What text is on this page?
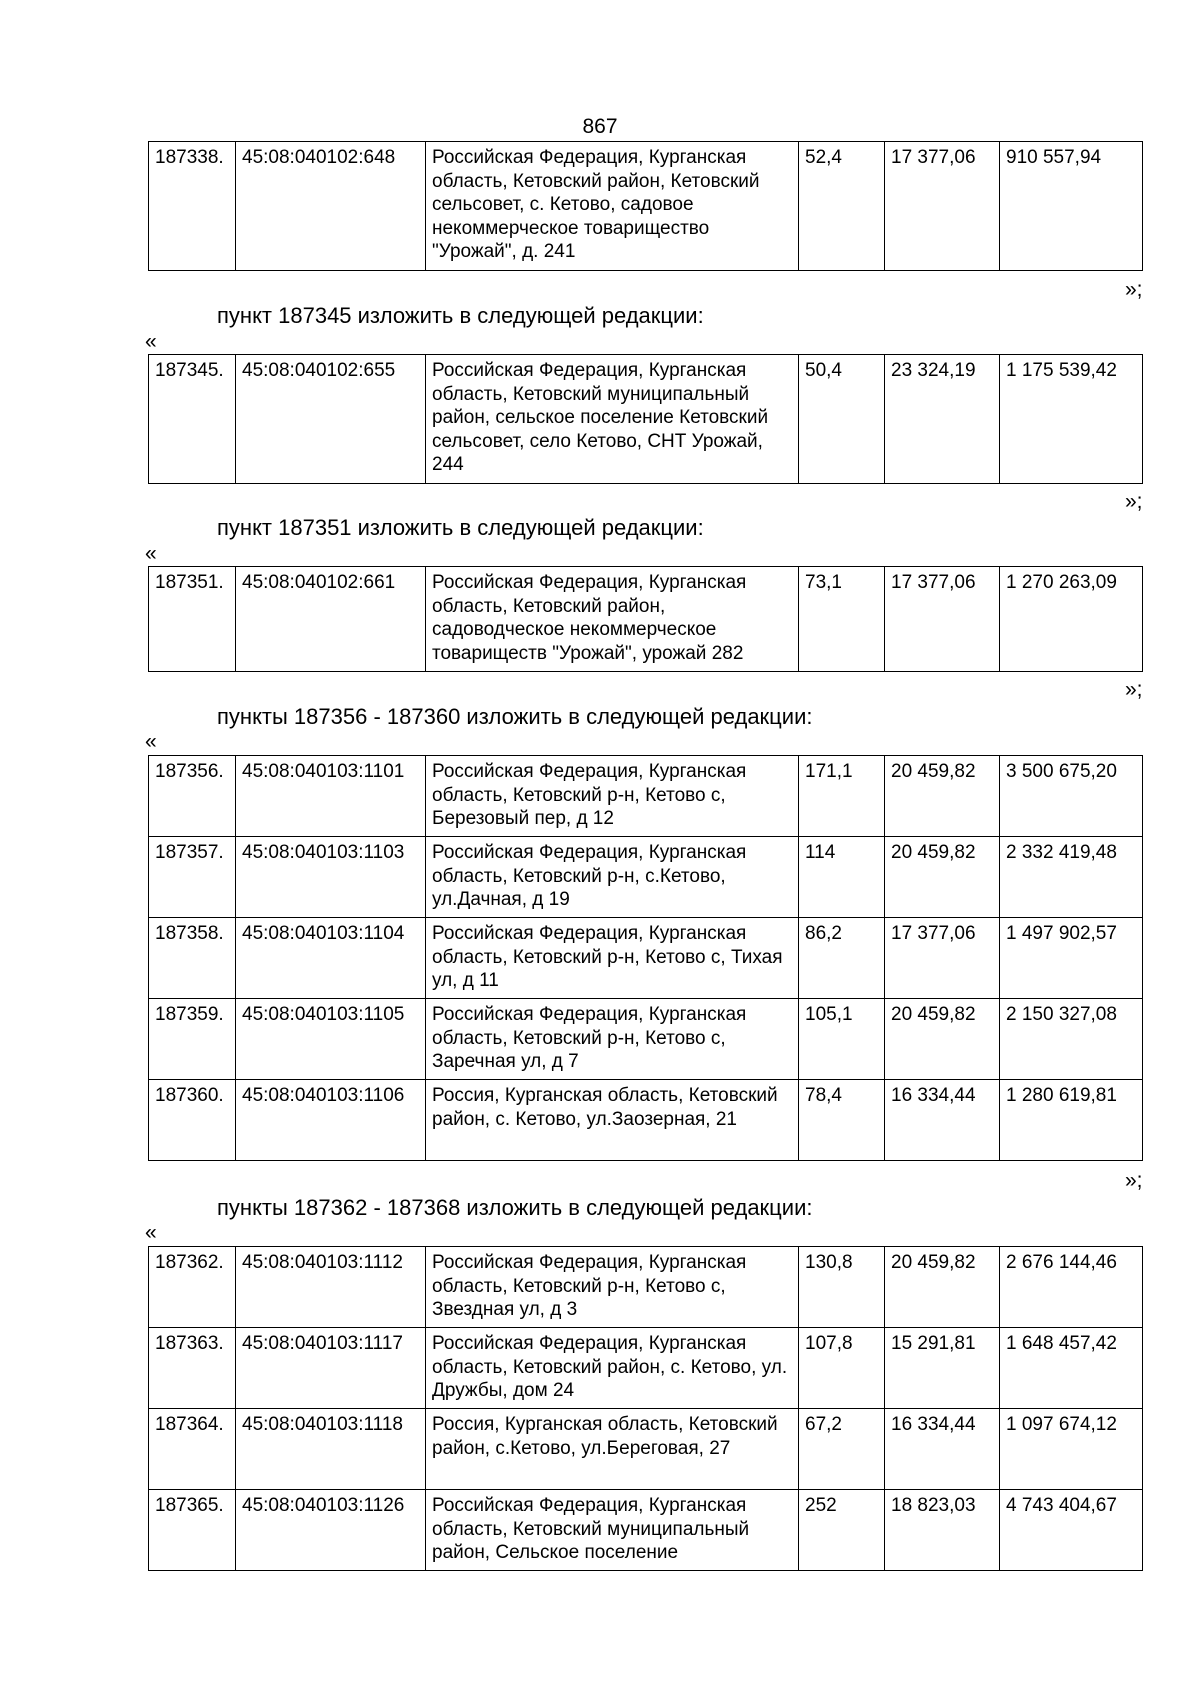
867
187338.	45:08:040102:648	Российская Федерация, Курганская область, Кетовский район, Кетовский сельсовет, с. Кетово, садовое некоммерческое товарищество "Урожай", д. 241	52,4	17 377,06	910 557,94
»;
пункт 187345 изложить в следующей редакции:
«
187345.	45:08:040102:655	Российская Федерация, Курганская область, Кетовский муниципальный район, сельское поселение Кетовский сельсовет, село Кетово, СНТ Урожай, 244	50,4	23 324,19	1 175 539,42
»;
пункт 187351 изложить в следующей редакции:
«
187351.	45:08:040102:661	Российская Федерация, Курганская область, Кетовский район, садоводческое некоммерческое товариществ "Урожай", урожай 282	73,1	17 377,06	1 270 263,09
»;
пункты 187356 - 187360 изложить в следующей редакции:
«
187356.	45:08:040103:1101	Российская Федерация, Курганская область, Кетовский р-н, Кетово с, Березовый пер, д 12	171,1	20 459,82	3 500 675,20
187357.	45:08:040103:1103	Российская Федерация, Курганская область, Кетовский р-н, с.Кетово, ул.Дачная, д 19	114	20 459,82	2 332 419,48
187358.	45:08:040103:1104	Российская Федерация, Курганская область, Кетовский р-н, Кетово с, Тихая ул, д 11	86,2	17 377,06	1 497 902,57
187359.	45:08:040103:1105	Российская Федерация, Курганская область, Кетовский р-н, Кетово с, Заречная ул, д 7	105,1	20 459,82	2 150 327,08
187360.	45:08:040103:1106	Россия, Курганская область, Кетовский район, с. Кетово, ул.Заозерная, 21	78,4	16 334,44	1 280 619,81
»;
пункты 187362 - 187368 изложить в следующей редакции:
«
187362.	45:08:040103:1112	Российская Федерация, Курганская область, Кетовский р-н, Кетово с, Звездная ул, д 3	130,8	20 459,82	2 676 144,46
187363.	45:08:040103:1117	Российская Федерация, Курганская область, Кетовский район, с. Кетово, ул. Дружбы, дом 24	107,8	15 291,81	1 648 457,42
187364.	45:08:040103:1118	Россия, Курганская область, Кетовский район, с.Кетово, ул.Береговая, 27	67,2	16 334,44	1 097 674,12
187365.	45:08:040103:1126	Российская Федерация, Курганская область, Кетовский муниципальный район, Сельское поселение	252	18 823,03	4 743 404,67
